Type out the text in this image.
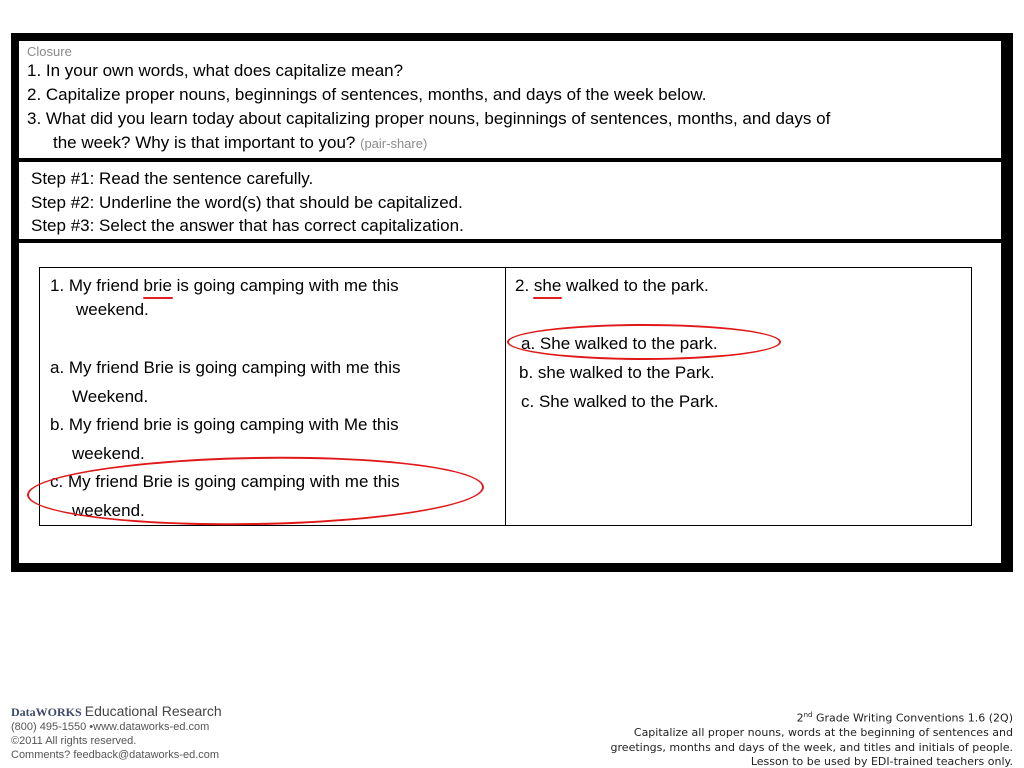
Closure
1. In your own words, what does capitalize mean?
2. Capitalize proper nouns, beginnings of sentences, months, and days of the week below.
3. What did you learn today about capitalizing proper nouns, beginnings of sentences, months, and days of
the week? Why is that important to you? (pair-share)
Step #1: Read the sentence carefully.
Step #2: Underline the word(s) that should be capitalized.
Step #3: Select the answer that has correct capitalization.
1. My friend brie is going camping with me this
weekend.
a. My friend Brie is going camping with me this
Weekend.
b. My friend brie is going camping with Me this
weekend.
c. My friend Brie is going camping with me this
weekend.
2. she walked to the park.
a. She walked to the park.
b. she walked to the Park.
c. She walked to the Park.
DataWORKS Educational Research
(800) 495-1550 •www.dataworks-ed.com
©2011 All rights reserved.
Comments? feedback@dataworks-ed.com
2nd Grade Writing Conventions 1.6 (2Q)
Capitalize all proper nouns, words at the beginning of sentences and
greetings, months and days of the week, and titles and initials of people.
Lesson to be used by EDI-trained teachers only.
